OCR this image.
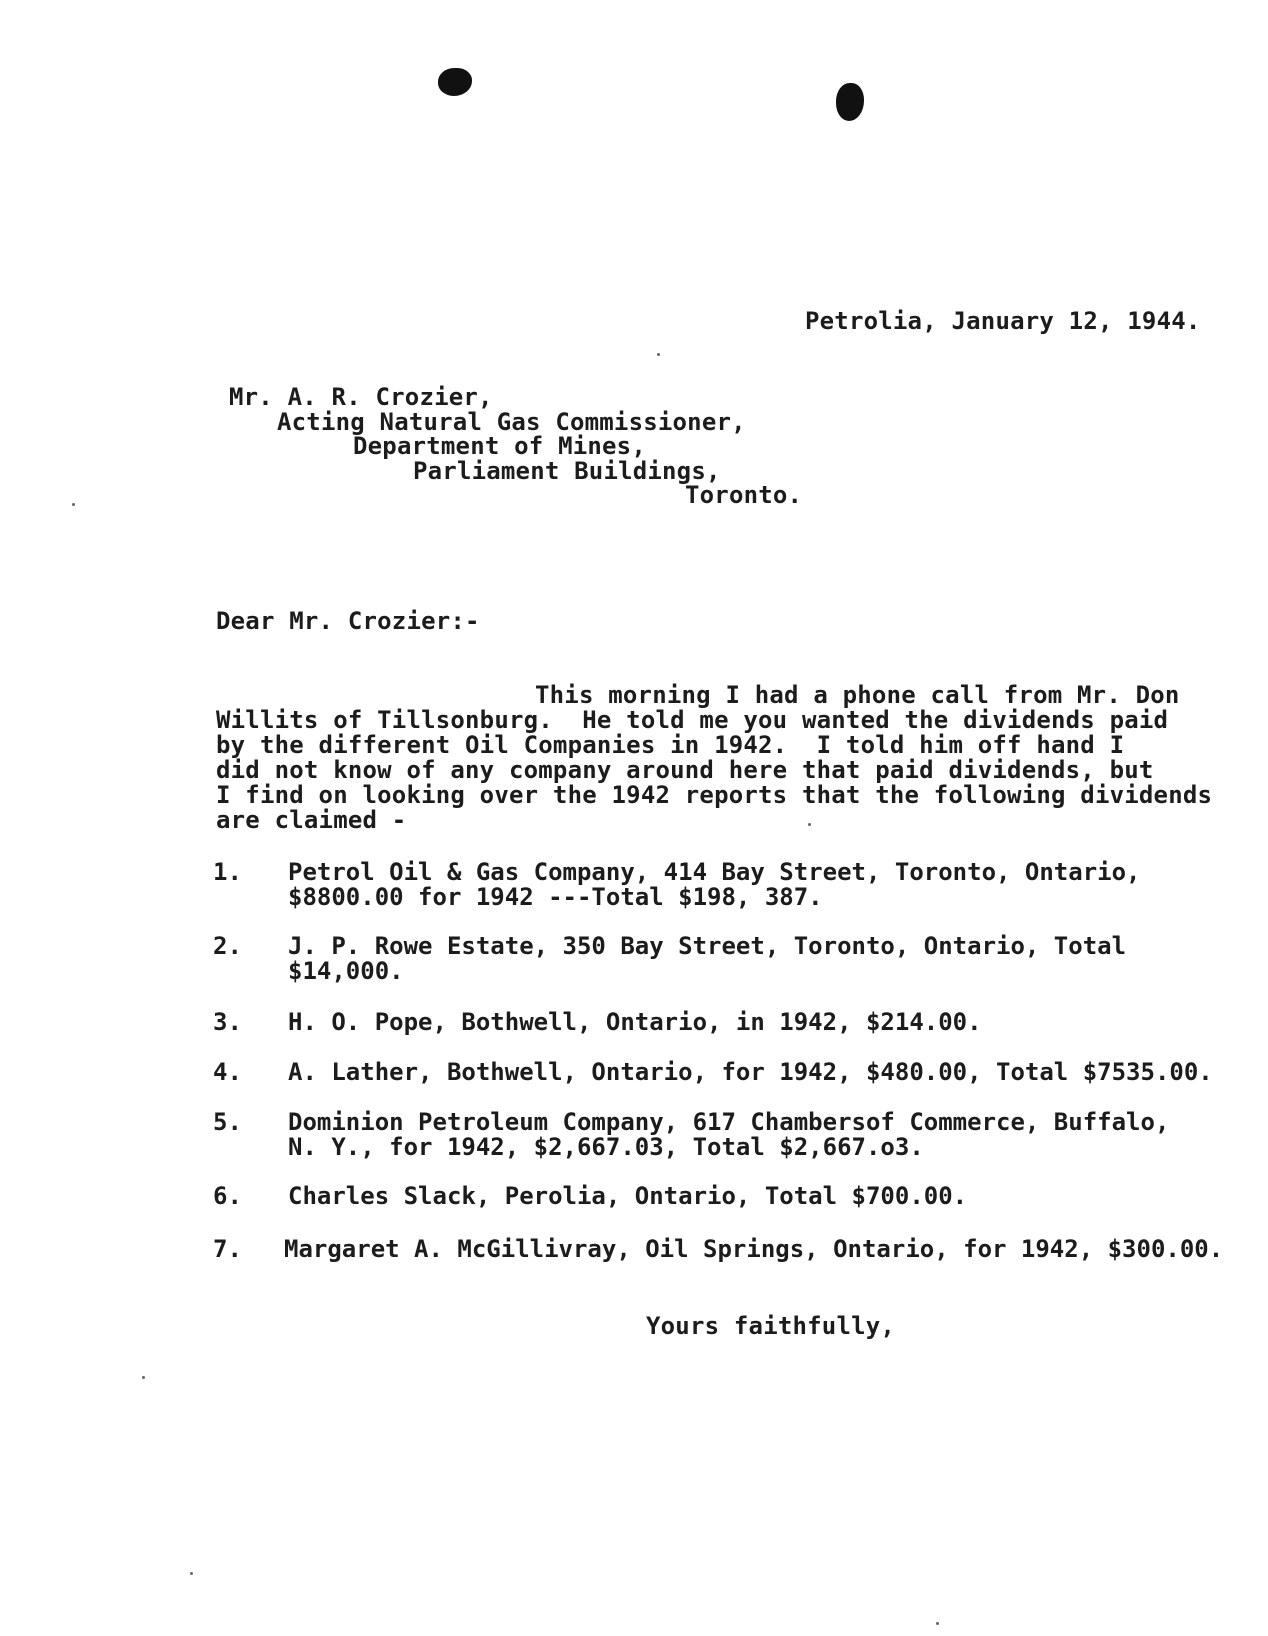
Petrolia, January 12, 1944.
Mr. A. R. Crozier,
Acting Natural Gas Commissioner,
Department of Mines,
Parliament Buildings,
Toronto.
Dear Mr. Crozier:-
This morning I had a phone call from Mr. Don
Willits of Tillsonburg.  He told me you wanted the dividends paid
by the different Oil Companies in 1942.  I told him off hand I
did not know of any company around here that paid dividends, but
I find on looking over the 1942 reports that the following dividends
are claimed -
1. Petrol Oil & Gas Company, 414 Bay Street, Toronto, Ontario,
$8800.00 for 1942 ---Total $198, 387.
2. J. P. Rowe Estate, 350 Bay Street, Toronto, Ontario, Total
$14,000.
3. H. O. Pope, Bothwell, Ontario, in 1942, $214.00.
4. A. Lather, Bothwell, Ontario, for 1942, $480.00, Total $7535.00.
5. Dominion Petroleum Company, 617 Chambersof Commerce, Buffalo,
N. Y., for 1942, $2,667.03, Total $2,667.o3.
6. Charles Slack, Perolia, Ontario, Total $700.00.
7. Margaret A. McGillivray, Oil Springs, Ontario, for 1942, $300.00.
Yours faithfully,
